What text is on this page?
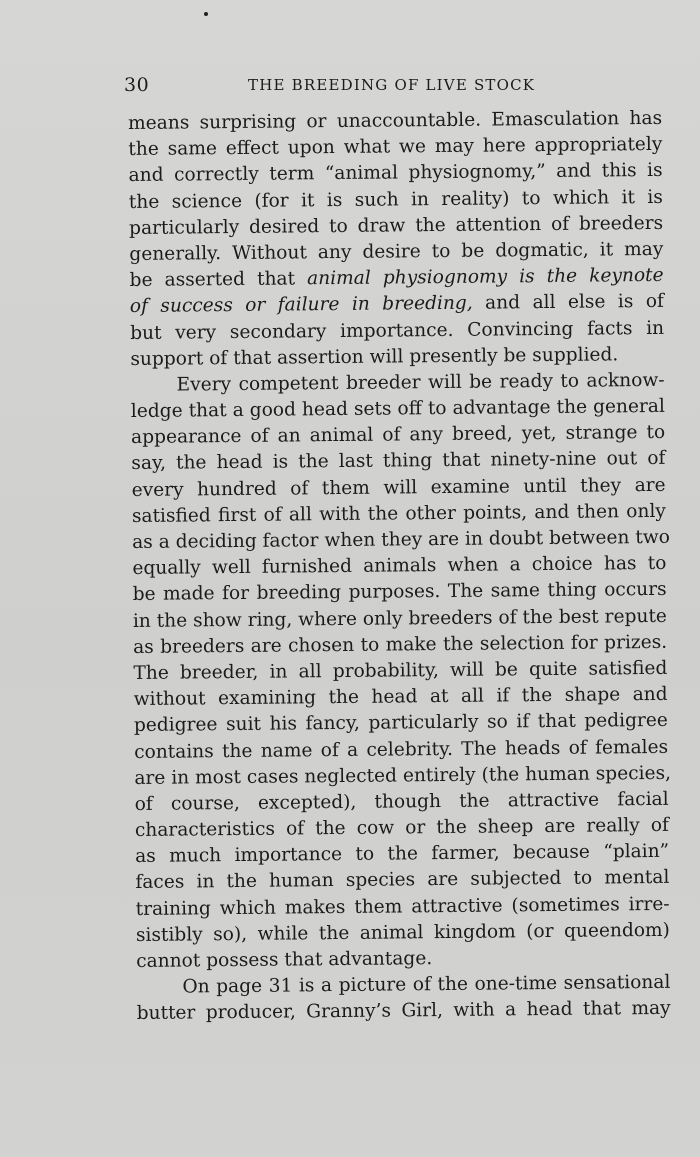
30	THE BREEDING OF LIVE STOCK
means surprising or unaccountable. Emasculation has
the same effect upon what we may here appropriately
and correctly term “animal physiognomy,” and this is
the science (for it is such in reality) to which it is
particularly desired to draw the attention of breeders
generally. Without any desire to be dogmatic, it may
be asserted that animal physiognomy is the keynote
of success or failure in breeding, and all else is of
but very secondary importance. Convincing facts in
support of that assertion will presently be supplied.
Every competent breeder will be ready to acknow-
ledge that a good head sets off to advantage the general
appearance of an animal of any breed, yet, strange to
say, the head is the last thing that ninety-nine out of
every hundred of them will examine until they are
satisfied first of all with the other points, and then only
as a deciding factor when they are in doubt between two
equally well furnished animals when a choice has to
be made for breeding purposes. The same thing occurs
in the show ring, where only breeders of the best repute
as breeders are chosen to make the selection for prizes.
The breeder, in all probability, will be quite satisfied
without examining the head at all if the shape and
pedigree suit his fancy, particularly so if that pedigree
contains the name of a celebrity. The heads of females
are in most cases neglected entirely (the human species,
of course, excepted), though the attractive facial
characteristics of the cow or the sheep are really of
as much importance to the farmer, because “plain”
faces in the human species are subjected to mental
training which makes them attractive (sometimes irre-
sistibly so), while the animal kingdom (or queendom)
cannot possess that advantage.
On page 31 is a picture of the one-time sensational
butter producer, Granny’s Girl, with a head that may
